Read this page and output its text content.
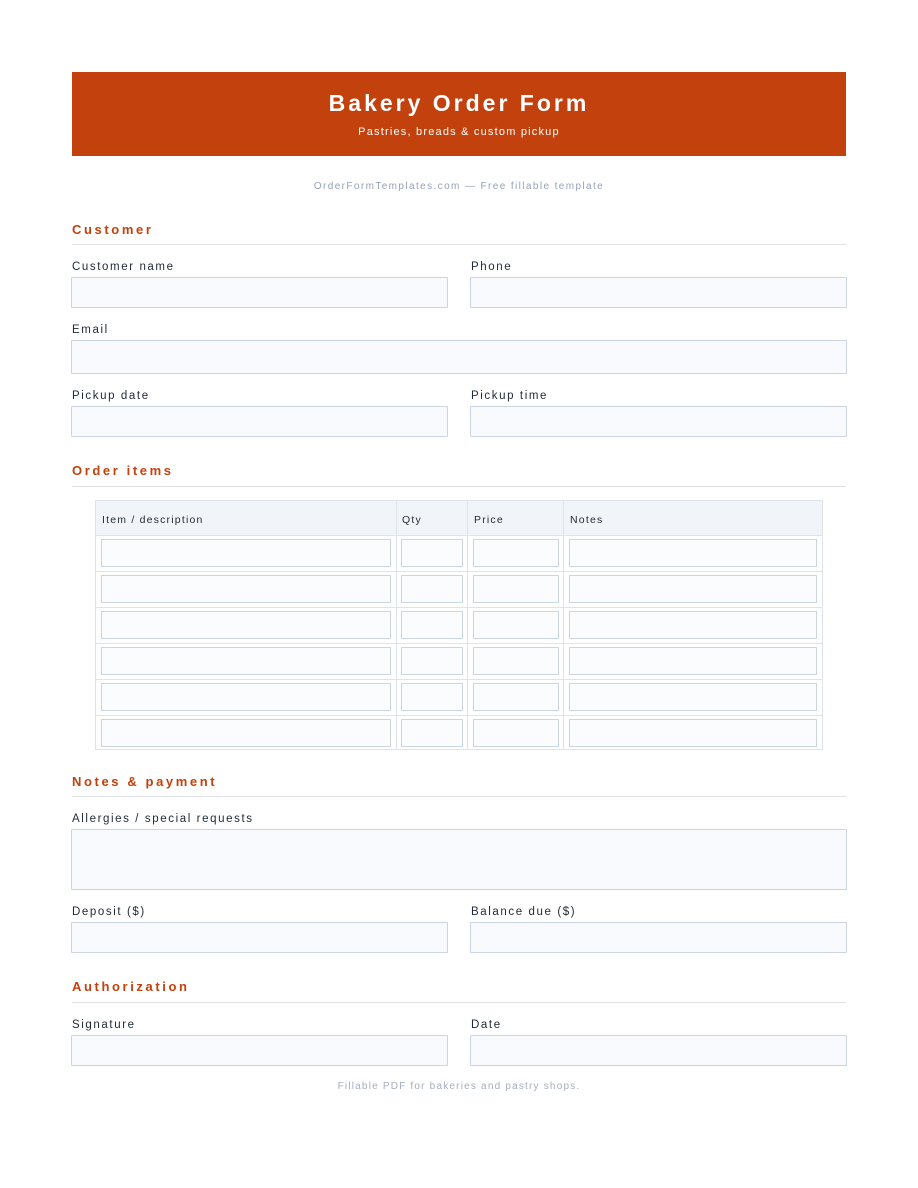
Bakery Order Form
Pastries, breads & custom pickup
OrderFormTemplates.com — Free fillable template
Customer
Customer name	Phone
Email
Pickup date	Pickup time
Order items
Item / description	Qty	Price	Notes
Notes & payment
Allergies / special requests
Deposit ($)	Balance due ($)
Authorization
Signature	Date
Fillable PDF for bakeries and pastry shops.
